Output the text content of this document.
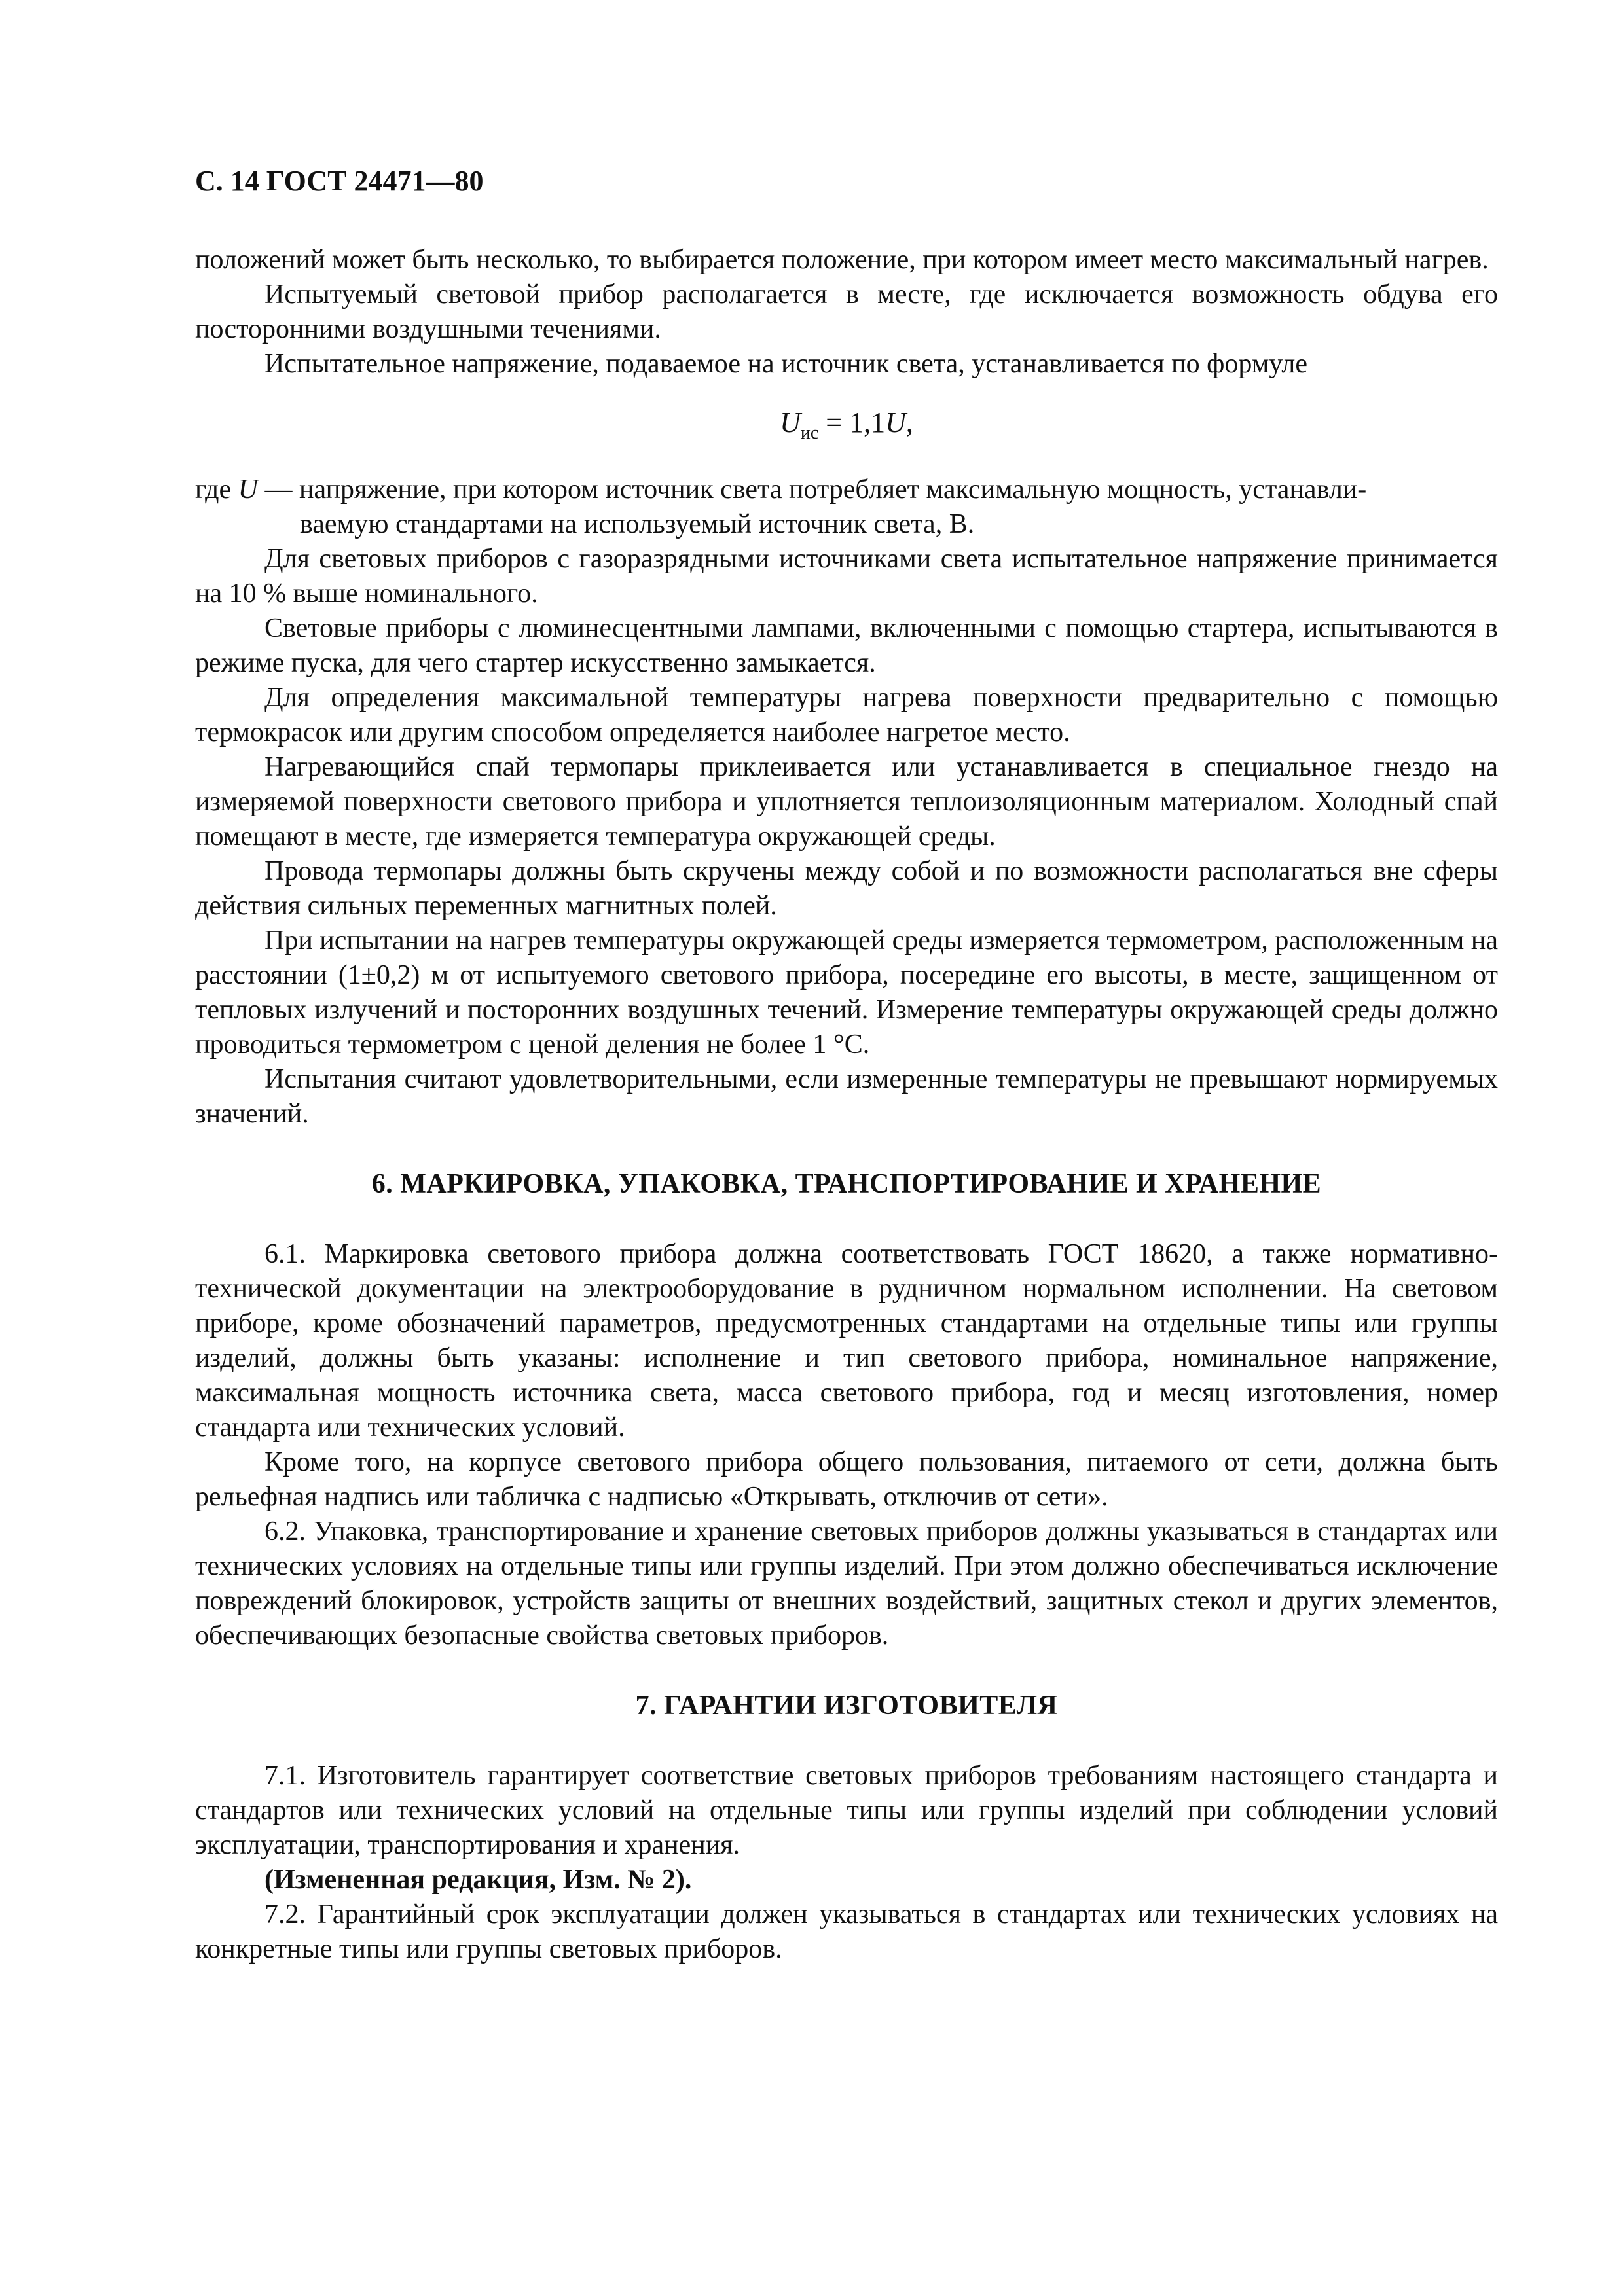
С. 14 ГОСТ 24471—80

положений может быть несколько, то выбирается положение, при котором имеет место максимальный нагрев.

Испытуемый световой прибор располагается в месте, где исключается возможность обдува его посторонними воздушными течениями.

Испытательное напряжение, подаваемое на источник света, устанавливается по формуле

$U_{ис} = 1,1U$,
где U — напряжение, при котором источник света потребляет максимальную мощность, устанавли-
ваемую стандартами на используемый источник света, В.

Для световых приборов с газоразрядными источниками света испытательное напряжение принимается на 10 % выше номинального.

Световые приборы с люминесцентными лампами, включенными с помощью стартера, испытываются в режиме пуска, для чего стартер искусственно замыкается.

Для определения максимальной температуры нагрева поверхности предварительно с помощью термокрасок или другим способом определяется наиболее нагретое место.

Нагревающийся спай термопары приклеивается или устанавливается в специальное гнездо на измеряемой поверхности светового прибора и уплотняется теплоизоляционным материалом. Холодный спай помещают в месте, где измеряется температура окружающей среды.

Провода термопары должны быть скручены между собой и по возможности располагаться вне сферы действия сильных переменных магнитных полей.

При испытании на нагрев температуры окружающей среды измеряется термометром, расположенным на расстоянии (1±0,2) м от испытуемого светового прибора, посередине его высоты, в месте, защищенном от тепловых излучений и посторонних воздушных течений. Измерение температуры окружающей среды должно проводиться термометром с ценой деления не более 1 °С.

Испытания считают удовлетворительными, если измеренные температуры не превышают нормируемых значений.

6. МАРКИРОВКА, УПАКОВКА, ТРАНСПОРТИРОВАНИЕ И ХРАНЕНИЕ

6.1. Маркировка светового прибора должна соответствовать ГОСТ 18620, а также нормативно-технической документации на электрооборудование в рудничном нормальном исполнении. На световом приборе, кроме обозначений параметров, предусмотренных стандартами на отдельные типы или группы изделий, должны быть указаны: исполнение и тип светового прибора, номинальное напряжение, максимальная мощность источника света, масса светового прибора, год и месяц изготовления, номер стандарта или технических условий.

Кроме того, на корпусе светового прибора общего пользования, питаемого от сети, должна быть рельефная надпись или табличка с надписью «Открывать, отключив от сети».

6.2. Упаковка, транспортирование и хранение световых приборов должны указываться в стандартах или технических условиях на отдельные типы или группы изделий. При этом должно обеспечиваться исключение повреждений блокировок, устройств защиты от внешних воздействий, защитных стекол и других элементов, обеспечивающих безопасные свойства световых приборов.

7. ГАРАНТИИ ИЗГОТОВИТЕЛЯ

7.1. Изготовитель гарантирует соответствие световых приборов требованиям настоящего стандарта и стандартов или технических условий на отдельные типы или группы изделий при соблюдении условий эксплуатации, транспортирования и хранения.

(Измененная редакция, Изм. № 2).

7.2. Гарантийный срок эксплуатации должен указываться в стандартах или технических условиях на конкретные типы или группы световых приборов.
